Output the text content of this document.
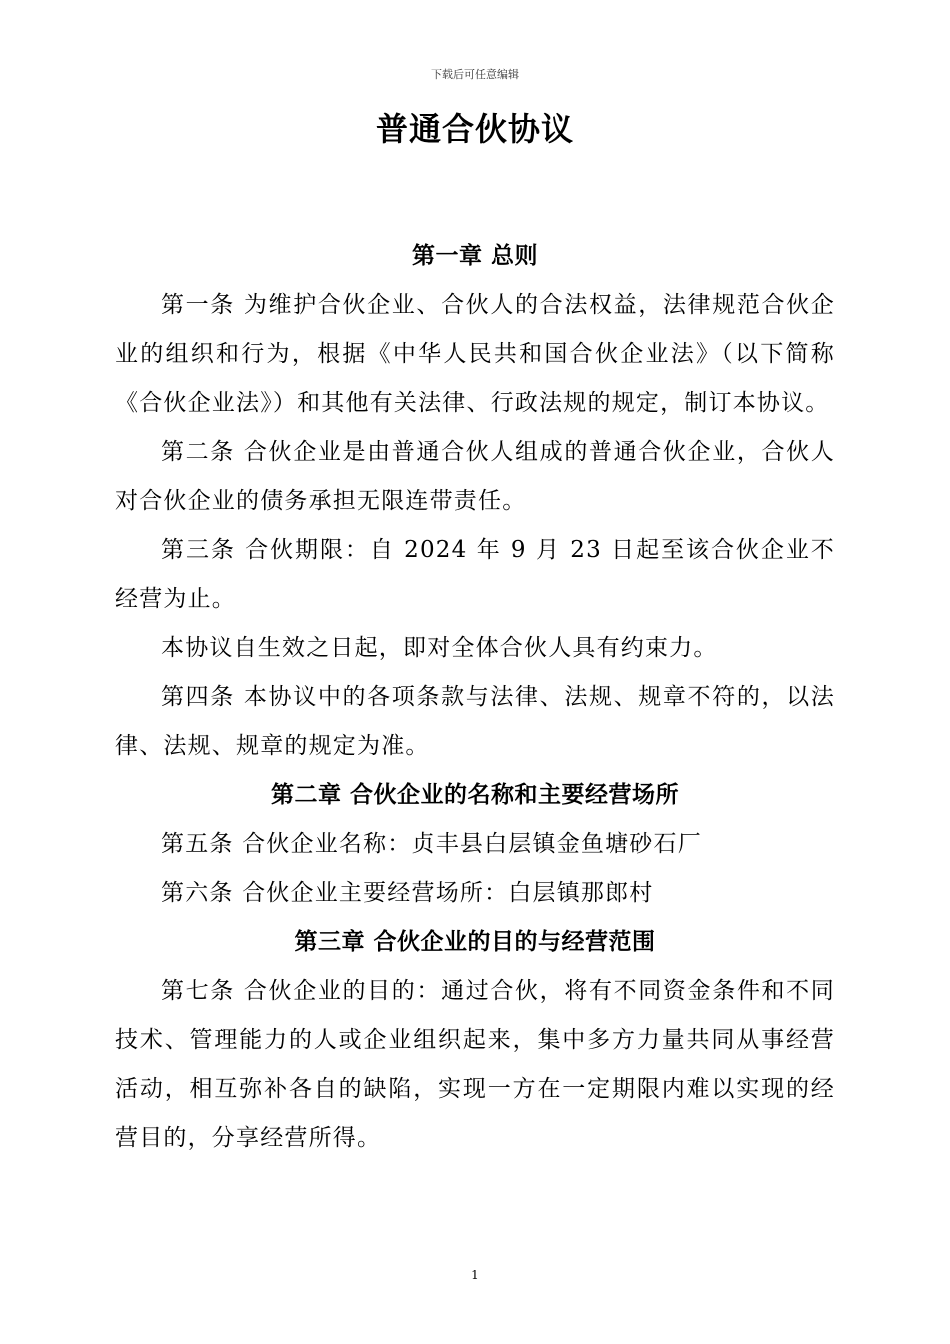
下载后可任意编辑
普通合伙协议
第一章 总则

第一条 为维护合伙企业、合伙人的合法权益，法律规范合伙企业的组织和行为，根据《中华人民共和国合伙企业法》（以下简称《合伙企业法》）和其他有关法律、行政法规的规定，制订本协议。

第二条 合伙企业是由普通合伙人组成的普通合伙企业，合伙人对合伙企业的债务承担无限连带责任。

第三条 合伙期限：自 2024 年 9 月 23 日起至该合伙企业不经营为止。

本协议自生效之日起，即对全体合伙人具有约束力。

第四条 本协议中的各项条款与法律、法规、规章不符的，以法律、法规、规章的规定为准。

第二章 合伙企业的名称和主要经营场所

第五条 合伙企业名称：贞丰县白层镇金鱼塘砂石厂

第六条 合伙企业主要经营场所：白层镇那郎村

第三章 合伙企业的目的与经营范围

第七条 合伙企业的目的：通过合伙，将有不同资金条件和不同技术、管理能力的人或企业组织起来，集中多方力量共同从事经营活动，相互弥补各自的缺陷，实现一方在一定期限内难以实现的经营目的，分享经营所得。

1
